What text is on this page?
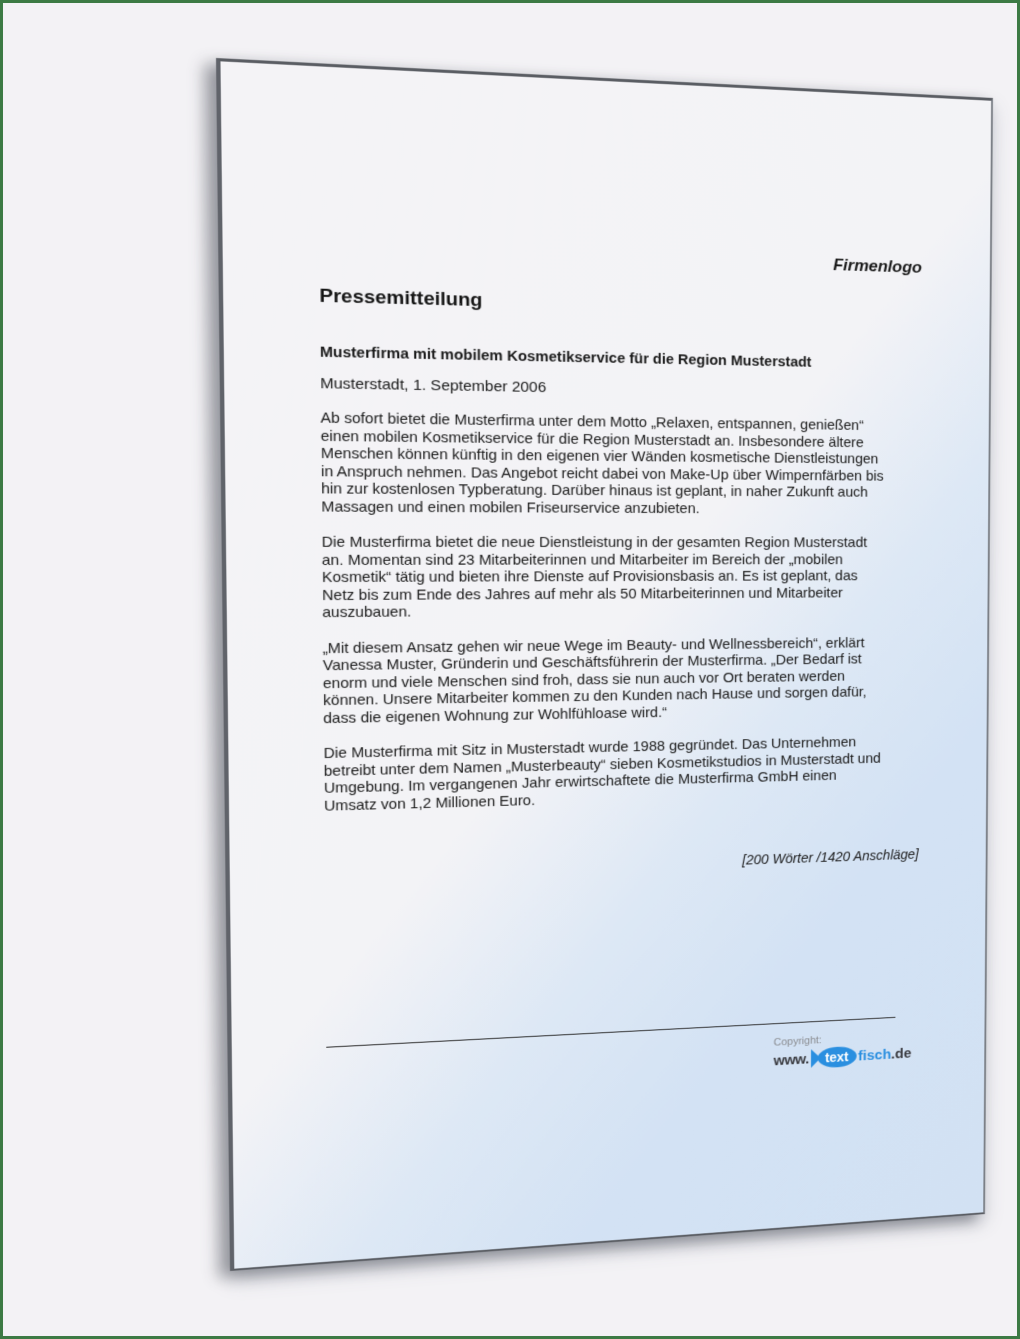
Firmenlogo
Pressemitteilung

Musterfirma mit mobilem Kosmetikservice für die Region Musterstadt

Musterstadt, 1. September 2006

Ab sofort bietet die Musterfirma unter dem Motto „Relaxen, entspannen, genießen“ einen mobilen Kosmetikservice für die Region Musterstadt an. Insbesondere ältere Menschen können künftig in den eigenen vier Wänden kosmetische Dienstleistungen in Anspruch nehmen. Das Angebot reicht dabei von Make-Up über Wimpernfärben bis hin zur kostenlosen Typberatung. Darüber hinaus ist geplant, in naher Zukunft auch Massagen und einen mobilen Friseurservice anzubieten.

Die Musterfirma bietet die neue Dienstleistung in der gesamten Region Musterstadt an. Momentan sind 23 Mitarbeiterinnen und Mitarbeiter im Bereich der „mobilen Kosmetik“ tätig und bieten ihre Dienste auf Provisionsbasis an. Es ist geplant, das Netz bis zum Ende des Jahres auf mehr als 50 Mitarbeiterinnen und Mitarbeiter auszubauen.

„Mit diesem Ansatz gehen wir neue Wege im Beauty- und Wellnessbereich“, erklärt Vanessa Muster, Gründerin und Geschäftsführerin der Musterfirma. „Der Bedarf ist enorm und viele Menschen sind froh, dass sie nun auch vor Ort beraten werden können. Unsere Mitarbeiter kommen zu den Kunden nach Hause und sorgen dafür, dass die eigenen Wohnung zur Wohlfühloase wird.“

Die Musterfirma mit Sitz in Musterstadt wurde 1988 gegründet. Das Unternehmen betreibt unter dem Namen „Musterbeauty“ sieben Kosmetikstudios in Musterstadt und Umgebung. Im vergangenen Jahr erwirtschaftete die Musterfirma GmbH einen Umsatz von 1,2 Millionen Euro.

[200 Wörter /1420 Anschläge]
Copyright:
www.	text fisch .de
